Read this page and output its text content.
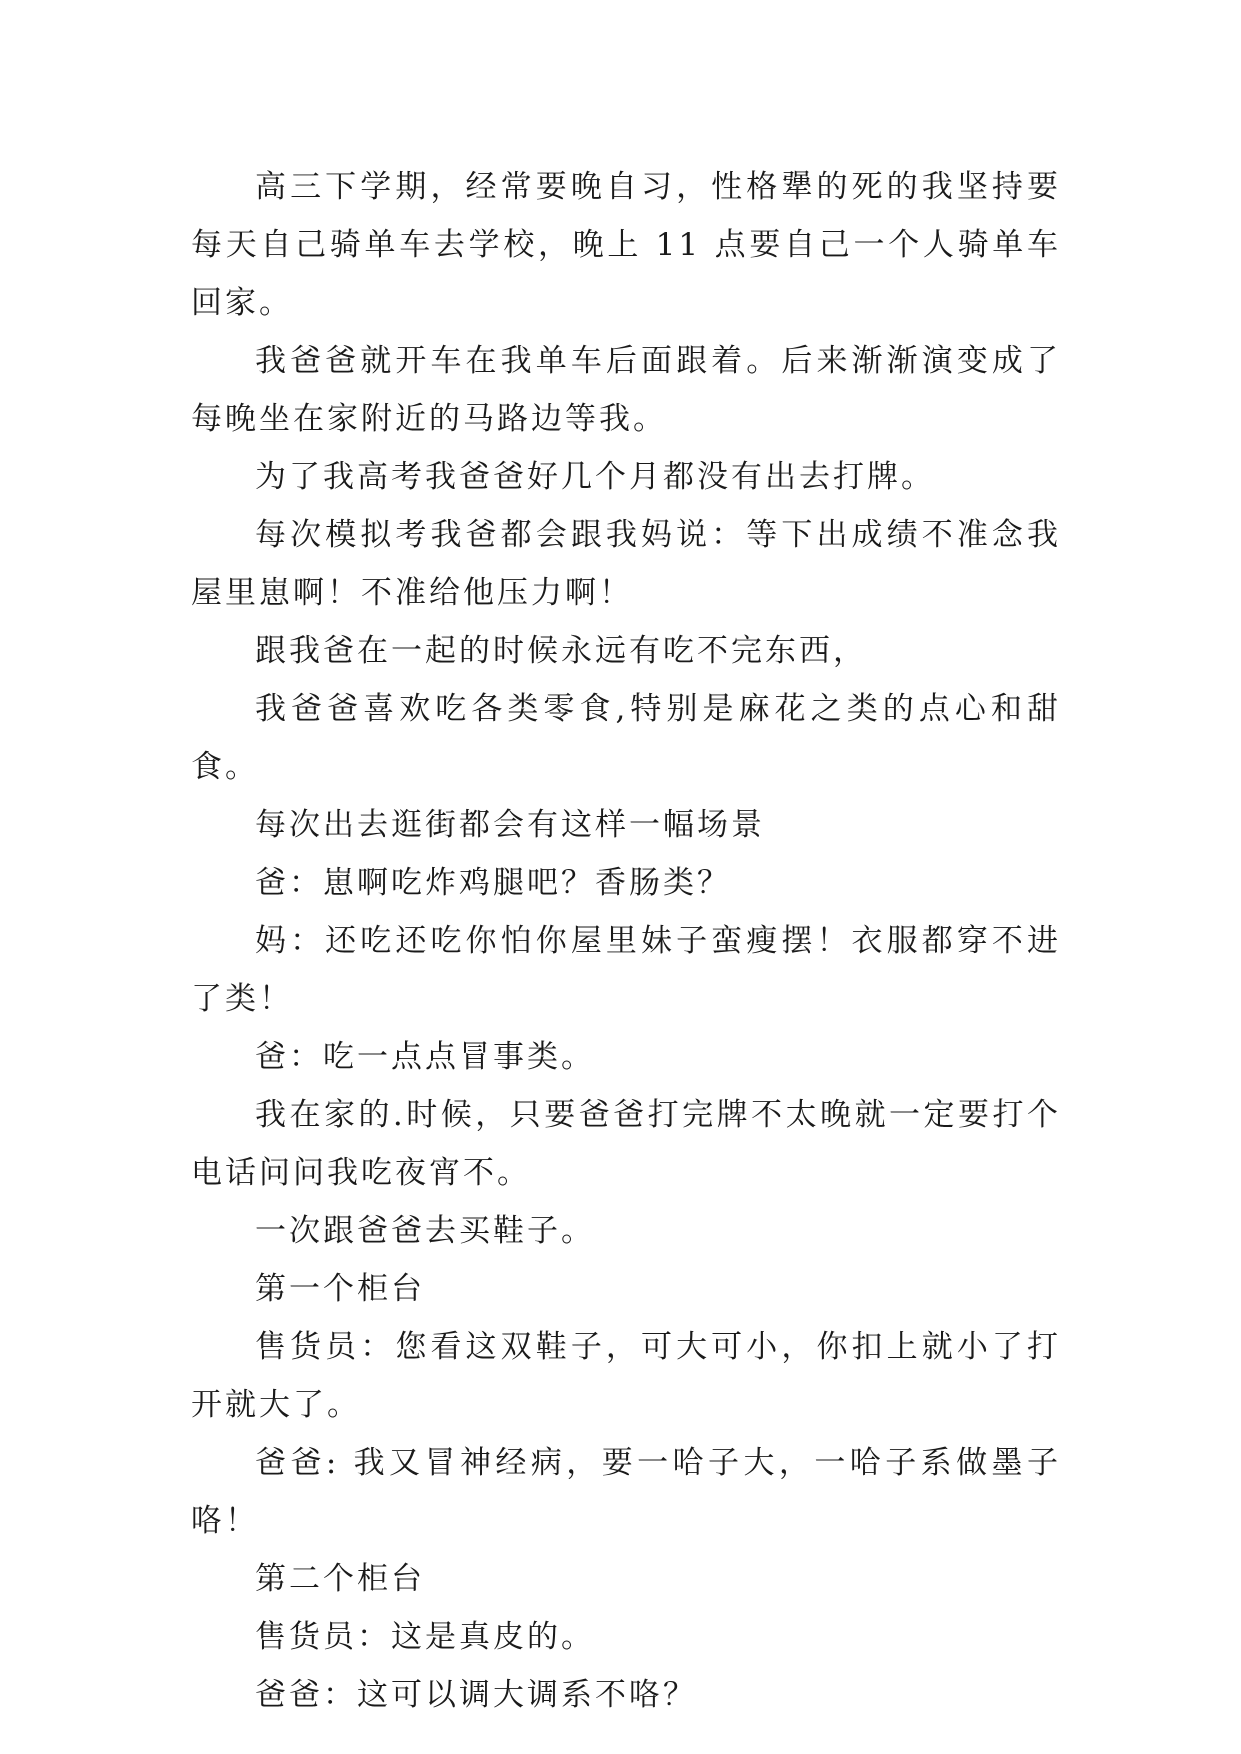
高三下学期，经常要晚自习，性格犟的死的我坚持要每天自己骑单车去学校，晚上 11 点要自己一个人骑单车回家。

我爸爸就开车在我单车后面跟着。后来渐渐演变成了每晚坐在家附近的马路边等我。

为了我高考我爸爸好几个月都没有出去打牌。

每次模拟考我爸都会跟我妈说：等下出成绩不准念我屋里崽啊！不准给他压力啊！

跟我爸在一起的时候永远有吃不完东西，

我爸爸喜欢吃各类零食,特别是麻花之类的点心和甜食。

每次出去逛街都会有这样一幅场景

爸：崽啊吃炸鸡腿吧？香肠类？

妈：还吃还吃你怕你屋里妹子蛮瘦摆！衣服都穿不进了类！

爸：吃一点点冒事类。

我在家的.时候，只要爸爸打完牌不太晚就一定要打个电话问问我吃夜宵不。

一次跟爸爸去买鞋子。

第一个柜台

售货员：您看这双鞋子，可大可小，你扣上就小了打开就大了。

爸爸: 我又冒神经病，要一哈子大，一哈子系做墨子咯！

第二个柜台

售货员：这是真皮的。

爸爸：这可以调大调系不咯？
